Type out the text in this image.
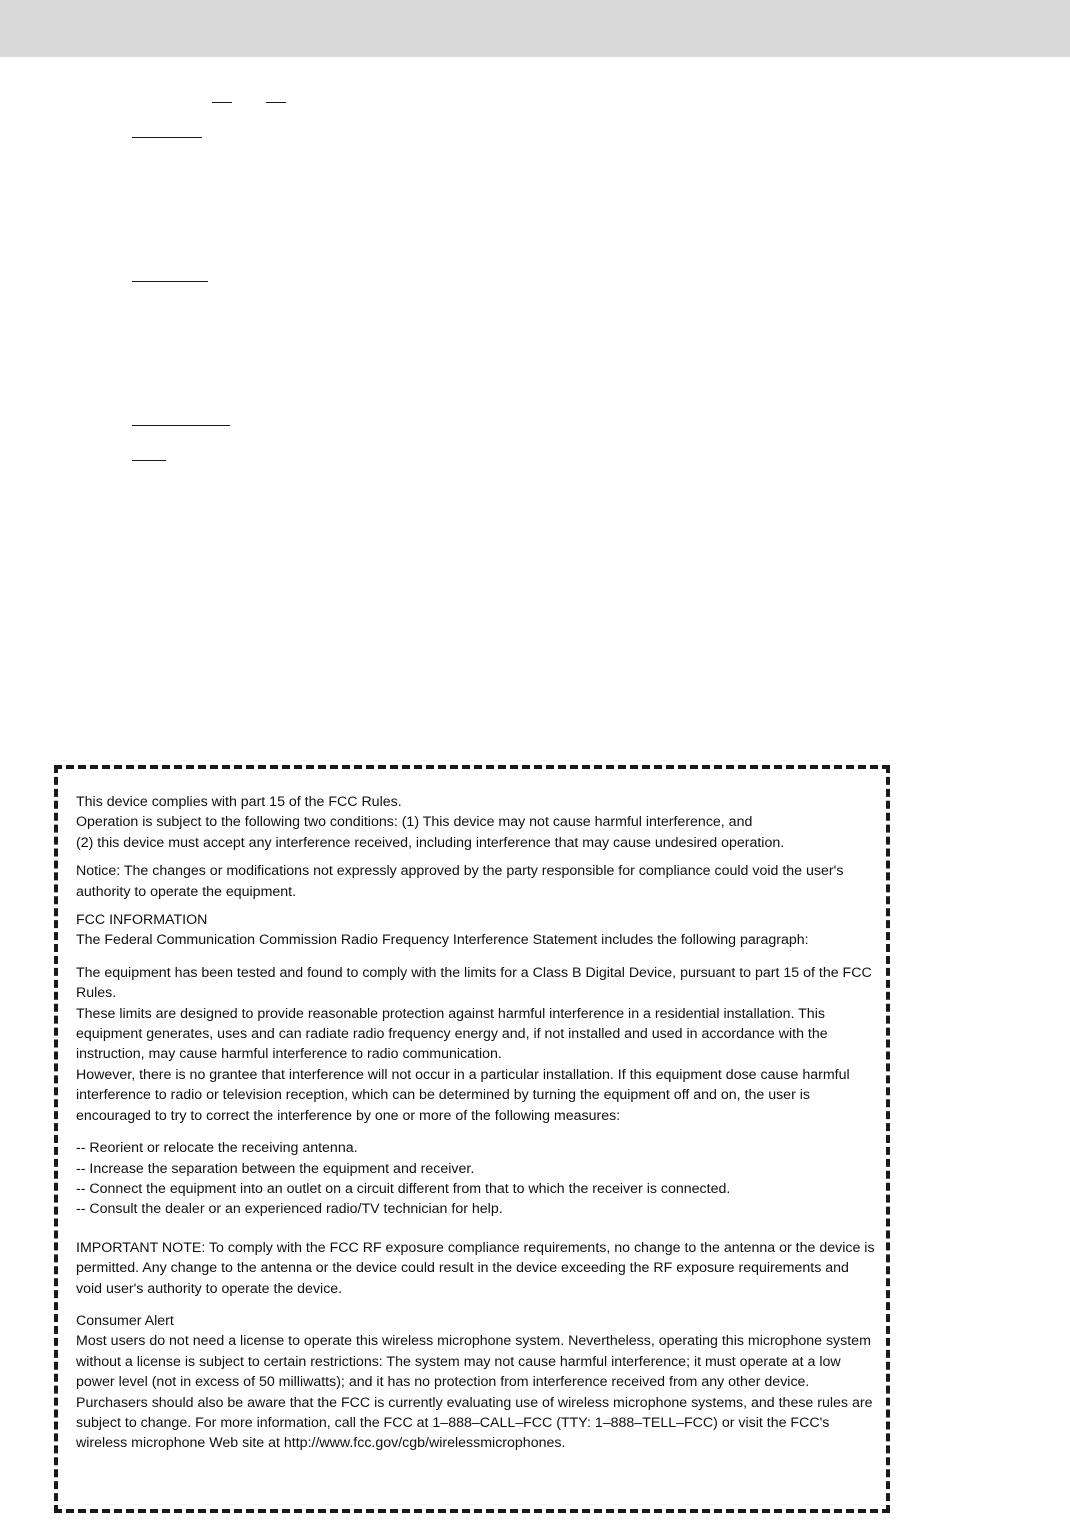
This device complies with part 15 of the FCC Rules.

Operation is subject to the following two conditions: (1) This device may not cause harmful interference, and

(2) this device must accept any interference received, including interference that may cause undesired operation.

Notice: The changes or modifications not expressly approved by the party responsible for compliance could void the user's authority to operate the equipment.

FCC INFORMATION

The Federal Communication Commission Radio Frequency Interference Statement includes the following paragraph:

The equipment has been tested and found to comply with the limits for a Class B Digital Device, pursuant to part 15 of the FCC Rules.

These limits are designed to provide reasonable protection against harmful interference in a residential installation. This equipment generates, uses and can radiate radio frequency energy and, if not installed and used in accordance with the instruction, may cause harmful interference to radio communication.

However, there is no grantee that interference will not occur in a particular installation. If this equipment dose cause harmful interference to radio or television reception, which can be determined by turning the equipment off and on, the user is encouraged to try to correct the interference by one or more of the following measures:

-- Reorient or relocate the receiving antenna.

-- Increase the separation between the equipment and receiver.

-- Connect the equipment into an outlet on a circuit different from that to which the receiver is connected.

-- Consult the dealer or an experienced radio/TV technician for help.

IMPORTANT NOTE: To comply with the FCC RF exposure compliance requirements, no change to the antenna or the device is permitted. Any change to the antenna or the device could result in the device exceeding the RF exposure requirements and void user's authority to operate the device.

Consumer Alert

Most users do not need a license to operate this wireless microphone system. Nevertheless, operating this microphone system without a license is subject to certain restrictions: The system may not cause harmful interference; it must operate at a low power level (not in excess of 50 milliwatts); and it has no protection from interference received from any other device. Purchasers should also be aware that the FCC is currently evaluating use of wireless microphone systems, and these rules are subject to change. For more information, call the FCC at 1–888–CALL–FCC (TTY: 1–888–TELL–FCC) or visit the FCC's wireless microphone Web site at http://www.fcc.gov/cgb/wirelessmicrophones.
